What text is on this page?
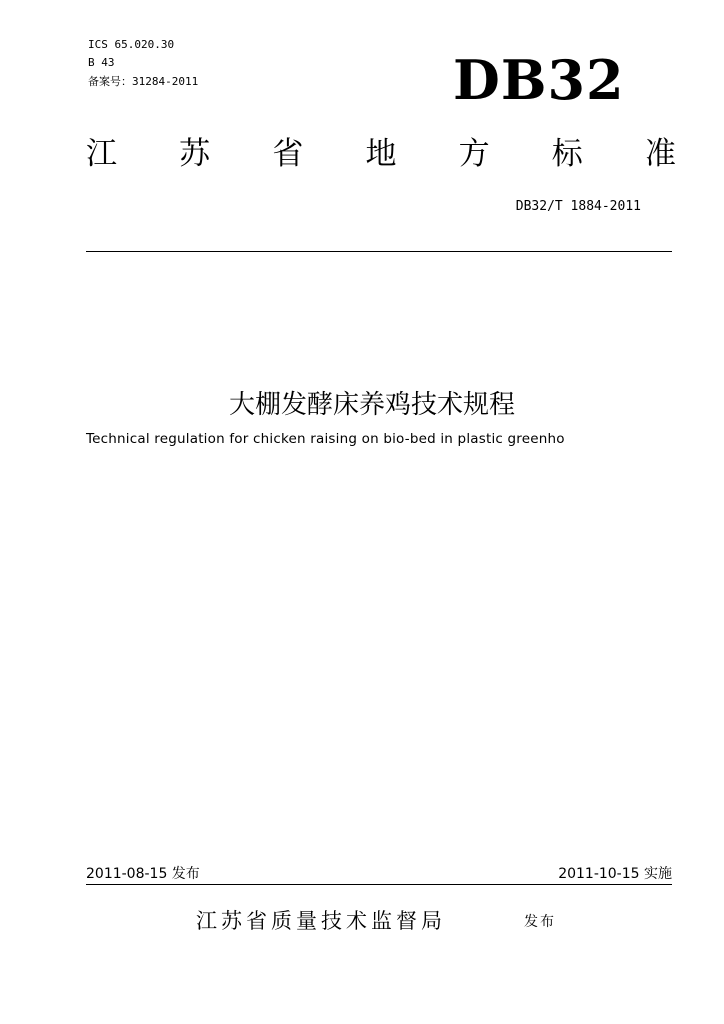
ICS 65.020.30
B 43
备案号：31284-2011	DB32
江 苏 省 地 方 标 准
DB32/T 1884-2011
大棚发酵床养鸡技术规程
Technical regulation for chicken raising on bio-bed in plastic greenho
2011-08-15 发布	2011-10-15 实施
江苏省质量技术监督局	发布
